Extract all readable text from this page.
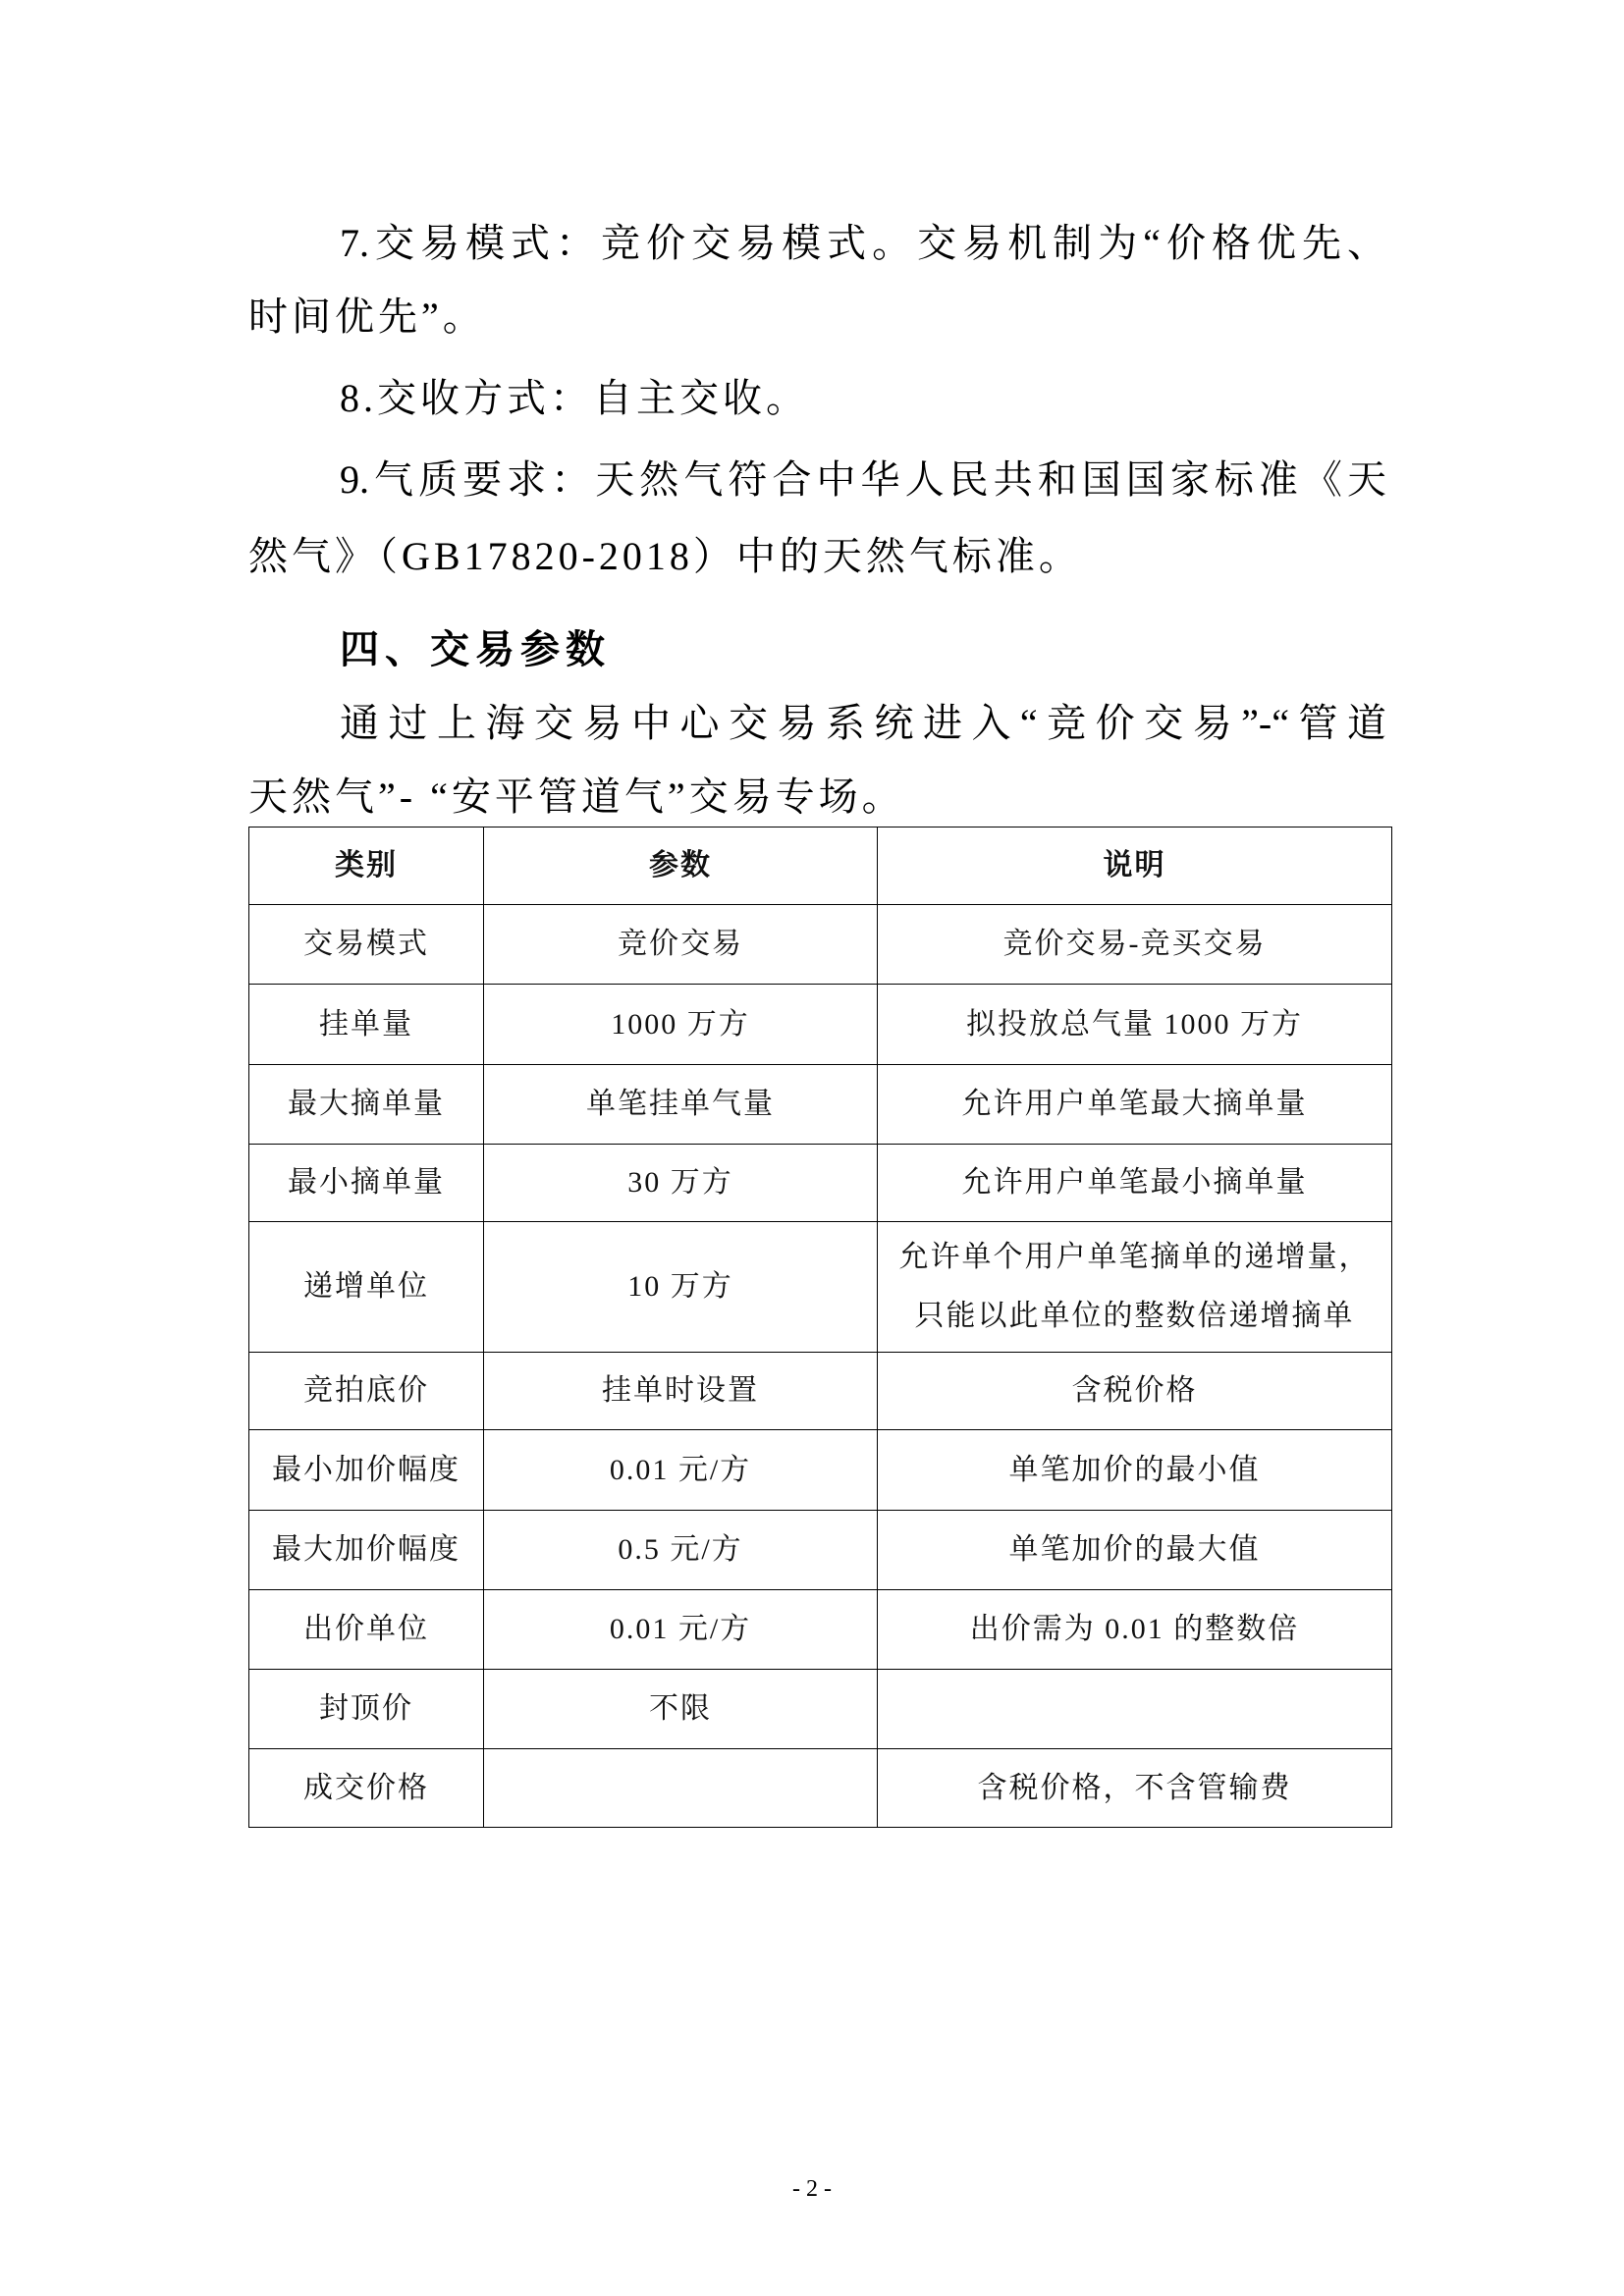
7.交易模式：竞价交易模式。交易机制为“价格优先、
时间优先”。
8.交收方式：自主交收。
9.气质要求：天然气符合中华人民共和国国家标准《天
然气》（GB17820-2018）中的天然气标准。
四、交易参数
通过上海交易中心交易系统进入“竞价交易”-“管道
天然气”- “安平管道气”交易专场。
类别	参数	说明
交易模式	竞价交易	竞价交易-竞买交易
挂单量	1000 万方	拟投放总气量 1000 万方
最大摘单量	单笔挂单气量	允许用户单笔最大摘单量
最小摘单量	30 万方	允许用户单笔最小摘单量
递增单位	10 万方	允许单个用户单笔摘单的递增量，
只能以此单位的整数倍递增摘单

竞拍底价	挂单时设置	含税价格
最小加价幅度	0.01 元/方	单笔加价的最小值
最大加价幅度	0.5 元/方	单笔加价的最大值
出价单位	0.01 元/方	出价需为 0.01 的整数倍
封顶价	不限	
成交价格		含税价格，不含管输费
- 2 -
